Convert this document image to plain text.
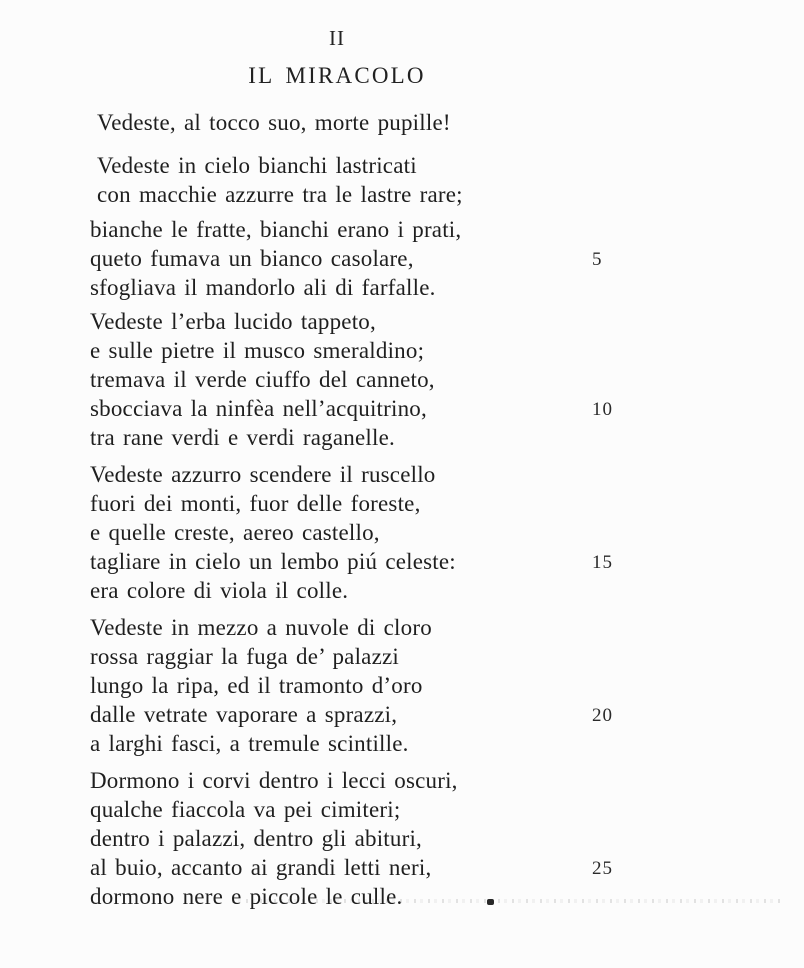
II
IL MIRACOLO
Vedeste, al tocco suo, morte pupille!
Vedeste in cielo bianchi lastricati
con macchie azzurre tra le lastre rare;
bianche le fratte, bianchi erano i prati,
queto fumava un bianco casolare,	5
sfogliava il mandorlo ali di farfalle.
Vedeste l’erba lucido tappeto,
e sulle pietre il musco smeraldino;
tremava il verde ciuffo del canneto,
sbocciava la ninfèa nell’acquitrino,	10
tra rane verdi e verdi raganelle.
Vedeste azzurro scendere il ruscello
fuori dei monti, fuor delle foreste,
e quelle creste, aereo castello,
tagliare in cielo un lembo piú celeste:	15
era colore di viola il colle.
Vedeste in mezzo a nuvole di cloro
rossa raggiar la fuga de’ palazzi
lungo la ripa, ed il tramonto d’oro
dalle vetrate vaporare a sprazzi,	20
a larghi fasci, a tremule scintille.
Dormono i corvi dentro i lecci oscuri,
qualche fiaccola va pei cimiteri;
dentro i palazzi, dentro gli abituri,
al buio, accanto ai grandi letti neri,	25
dormono nere e piccole le culle.
